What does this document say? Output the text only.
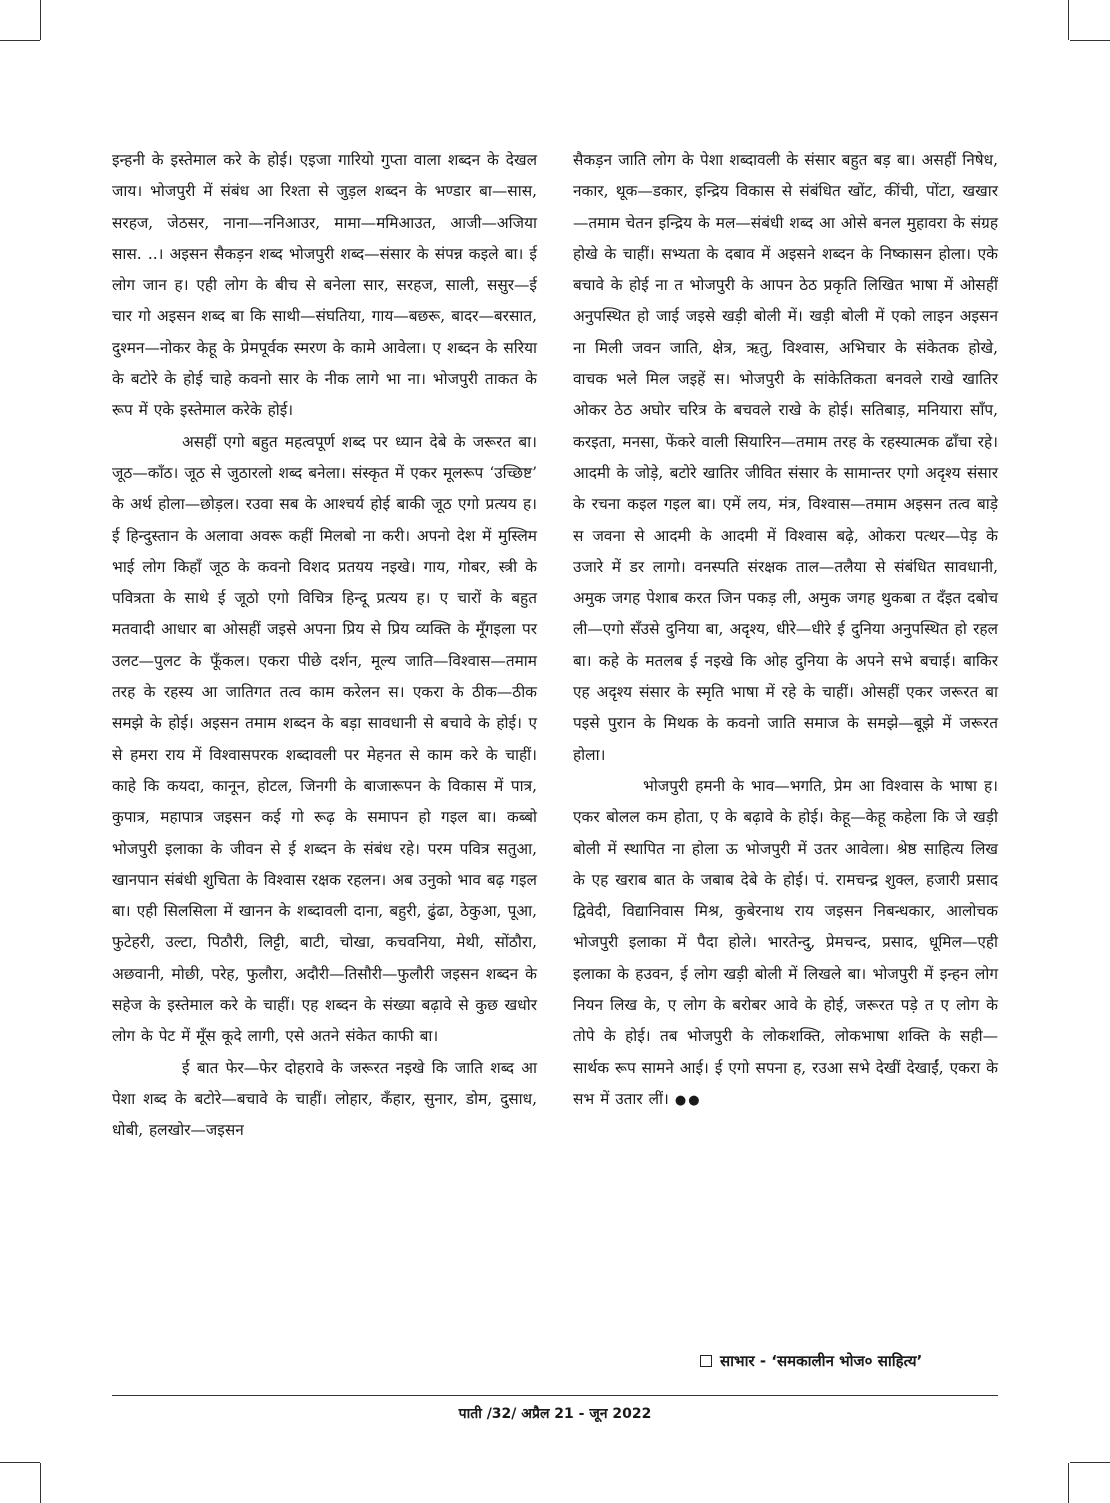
इन्हनी के इस्तेमाल करे के होई। एइजा गारियो गुप्ता वाला शब्दन के देखल जाय। भोजपुरी में संबंध आ रिश्ता से जुड़ल शब्दन के भण्डार बा—सास, सरहज, जेठसर, नाना—ननिआउर, मामा—ममिआउत, आजी—अजिया सास. ..। अइसन सैकड़न शब्द भोजपुरी शब्द—संसार के संपन्न कइले बा। ई लोग जान ह। एही लोग के बीच से बनेला सार, सरहज, साली, ससुर—ई चार गो अइसन शब्द बा कि साथी—संघतिया, गाय—बछरू, बादर—बरसात, दुश्मन—नोकर केहू के प्रेमपूर्वक स्मरण के कामे आवेला। ए शब्दन के सरिया के बटोरे के होई चाहे कवनो सार के नीक लागे भा ना। भोजपुरी ताकत के रूप में एके इस्तेमाल करेके होई।

असहीं एगो बहुत महत्वपूर्ण शब्द पर ध्यान देबे के जरूरत बा। जूठ—काँठ। जूठ से जुठारलो शब्द बनेला। संस्कृत में एकर मूलरूप ‘उच्छिष्ट’ के अर्थ होला—छोड़ल। रउवा सब के आश्चर्य होई बाकी जूठ एगो प्रत्यय ह। ई हिन्दुस्तान के अलावा अवरू कहीं मिलबो ना करी। अपनो देश में मुस्लिम भाई लोग किहाँ जूठ के कवनो विशद प्रतयय नइखे। गाय, गोबर, स्त्री के पवित्रता के साथे ई जूठो एगो विचित्र हिन्दू प्रत्यय ह। ए चारों के बहुत मतवादी आधार बा ओसहीं जइसे अपना प्रिय से प्रिय व्यक्ति के मूँगइला पर उलट—पुलट के फूँकल। एकरा पीछे दर्शन, मूल्य जाति—विश्वास—तमाम तरह के रहस्य आ जातिगत तत्व काम करेलन स। एकरा के ठीक—ठीक समझे के होई। अइसन तमाम शब्दन के बड़ा सावधानी से बचावे के होई। ए से हमरा राय में विश्वासपरक शब्दावली पर मेहनत से काम करे के चाहीं। काहे कि कयदा, कानून, होटल, जिनगी के बाजारूपन के विकास में पात्र, कुपात्र, महापात्र जइसन कई गो रूढ़ के समापन हो गइल बा। कब्बो भोजपुरी इलाका के जीवन से ई शब्दन के संबंध रहे। परम पवित्र सतुआ, खानपान संबंधी शुचिता के विश्वास रक्षक रहलन। अब उनुको भाव बढ़ गइल बा। एही सिलसिला में खानन के शब्दावली दाना, बहुरी, ढुंढा, ठेकुआ, पूआ, फुटेहरी, उल्टा, पिठौरी, लिट्टी, बाटी, चोखा, कचवनिया, मेथी, सोंठौरा, अछवानी, मोछी, परेह, फुलौरा, अदौरी—तिसौरी—फुलौरी जइसन शब्दन के सहेज के इस्तेमाल करे के चाहीं। एह शब्दन के संख्या बढ़ावे से कुछ खधोर लोग के पेट में मूँस कूदे लागी, एसे अतने संकेत काफी बा।

ई बात फेर—फेर दोहरावे के जरूरत नइखे कि जाति शब्द आ पेशा शब्द के बटोरे—बचावे के चाहीं। लोहार, कँहार, सुनार, डोम, दुसाध, धोबी, हलखोर—जइसन

सैकड़न जाति लोग के पेशा शब्दावली के संसार बहुत बड़ बा। असहीं निषेध, नकार, थूक—डकार, इन्द्रिय विकास से संबंधित खोंट, कींची, पोंटा, खखार—तमाम चेतन इन्द्रिय के मल—संबंधी शब्द आ ओसे बनल मुहावरा के संग्रह होखे के चाहीं। सभ्यता के दबाव में अइसने शब्दन के निष्कासन होला। एके बचावे के होई ना त भोजपुरी के आपन ठेठ प्रकृति लिखित भाषा में ओसहीं अनुपस्थित हो जाई जइसे खड़ी बोली में। खड़ी बोली में एको लाइन अइसन ना मिली जवन जाति, क्षेत्र, ऋतु, विश्वास, अभिचार के संकेतक होखे, वाचक भले मिल जइहें स। भोजपुरी के सांकेतिकता बनवले राखे खातिर ओकर ठेठ अघोर चरित्र के बचवले राखे के होई। सतिबाड़, मनियारा साँप, करइता, मनसा, फेंकरे वाली सियारिन—तमाम तरह के रहस्यात्मक ढाँचा रहे। आदमी के जोड़े, बटोरे खातिर जीवित संसार के सामान्तर एगो अदृश्य संसार के रचना कइल गइल बा। एमें लय, मंत्र, विश्वास—तमाम अइसन तत्व बाड़े स जवना से आदमी के आदमी में विश्वास बढ़े, ओकरा पत्थर—पेड़ के उजारे में डर लागो। वनस्पति संरक्षक ताल—तलैया से संबंधित सावधानी, अमुक जगह पेशाब करत जिन पकड़ ली, अमुक जगह थुकबा त दँइत दबोच ली—एगो सँउसे दुनिया बा, अदृश्य, धीरे—धीरे ई दुनिया अनुपस्थित हो रहल बा। कहे के मतलब ई नइखे कि ओह दुनिया के अपने सभे बचाई। बाकिर एह अदृश्य संसार के स्मृति भाषा में रहे के चाहीं। ओसहीं एकर जरूरत बा पइसे पुरान के मिथक के कवनो जाति समाज के समझे—बूझे में जरूरत होला।

भोजपुरी हमनी के भाव—भगति, प्रेम आ विश्वास के भाषा ह। एकर बोलल कम होता, ए के बढ़ावे के होई। केहू—केहू कहेला कि जे खड़ी बोली में स्थापित ना होला ऊ भोजपुरी में उतर आवेला। श्रेष्ठ साहित्य लिख के एह खराब बात के जबाब देबे के होई। पं. रामचन्द्र शुक्ल, हजारी प्रसाद द्विवेदी, विद्यानिवास मिश्र, कुबेरनाथ राय जइसन निबन्धकार, आलोचक भोजपुरी इलाका में पैदा होले। भारतेन्दु, प्रेमचन्द, प्रसाद, धूमिल—एही इलाका के हउवन, ई लोग खड़ी बोली में लिखले बा। भोजपुरी में इन्हन लोग नियन लिख के, ए लोग के बरोबर आवे के होई, जरूरत पड़े त ए लोग के तोपे के होई। तब भोजपुरी के लोकशक्ति, लोकभाषा शक्ति के सही—सार्थक रूप सामने आई। ई एगो सपना ह, रउआ सभे देखीं देखाईं, एकरा के सभ में उतार लीं। ●●

साभार - ‘समकालीन भोज० साहित्य’
पाती /32/ अप्रैल 21 - जून 2022
